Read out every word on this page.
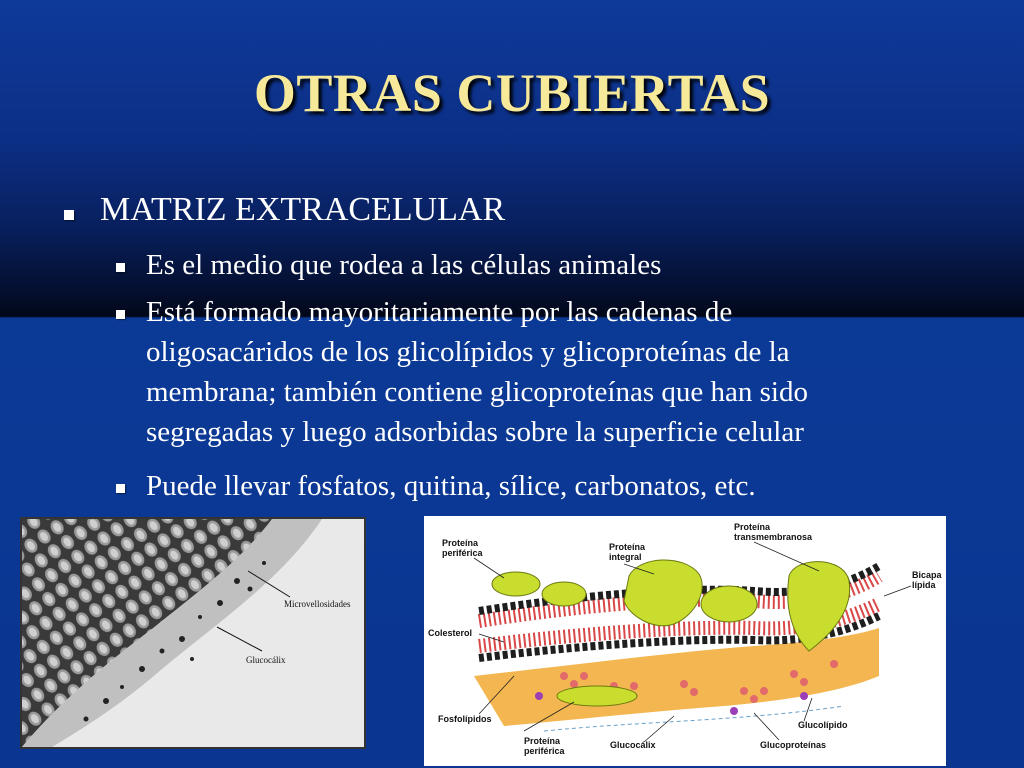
OTRAS CUBIERTAS
MATRIZ EXTRACELULAR
Es el medio que rodea a las células animales
Está formado mayoritariamente por las cadenas de
oligosacáridos de los glicolípidos y glicoproteínas de la
membrana; también contiene glicoproteínas que han sido
segregadas y luego adsorbidas sobre la superficie celular
Puede llevar fosfatos, quitina, sílice, carbonatos, etc.
Microvellosidades
Glucocálix
Proteína
periférica
Proteína
integral
Proteína
transmembranosa
Bicapa
lípida
Colesterol
Fosfolípidos
Proteína
periférica
Glucocálix
Glucolípido
Glucoproteínas
